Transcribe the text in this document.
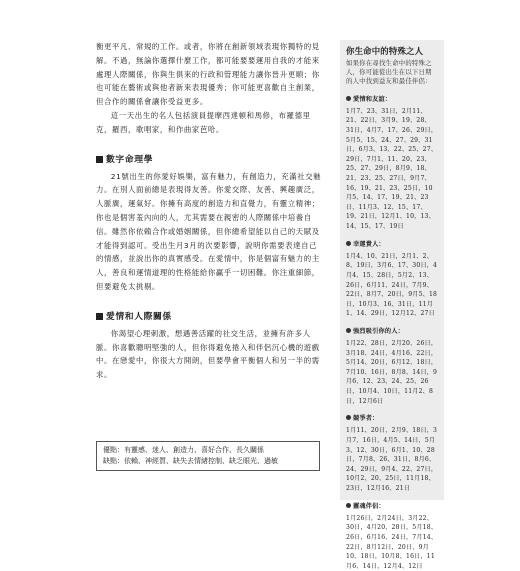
衡更平凡、常規的工作。或者，你將在創新領域表現你獨特的見解。不過，無論你選擇什麼工作，都可能要要運用自我的才能來處理人際關係，你與生俱來的行政和管理能力讓你晉升更順；你也可能在藝術或與他者新來表現優秀；你可能更喜歡自主創業，但合作的關係會讓你受益更多。

這一天出生的名人包括演員提摩西達頓和馬修，布羅德里克，羅西，歌唱家，和作曲家芭哈。

數字命理學

21號出生的你愛好娛樂，富有魅力，有創造力，充滿社交魅力。在別人面前總是表現得友善。你愛交際、友善、興趣廣泛，人脈廣，運氣好。你擁有高度的創造力和直覺力，有靈立精神；你也是個害羞內向的人，尤其需要在親密的人際關係中培養自信。雖然你依賴合作或婚姻關係，但你總希望能以自己的天賦及才能得到認可。受出生月3月的次要影響，說明你需要表達自己的情感，並說出你的真實感受。在愛情中，你是個富有魅力的主人，善良和運情道理的性格能給你贏乎一切困難。你注重細節，但要避免太挑剔。

愛情和人際關係

你渴望心理刺激，想遇善活躍的社交生活，並擁有許多人脈。你喜歡聰明堅強的人，但你得避免捲入和伴侶沉心機的遊戲中。在戀愛中，你很大方開朗，但要學會平衡個人和另一半的需求。

優點：有靈感、迷人、創造力、喜好合作、長久關係
缺點：依賴、神經質、缺失去情緒控制、缺乏眼光、過敏
你生命中的特殊之人
如果你在尋找生命中的特殊之人，你可能從出生在以下日期的人中找到益友和最佳伴侶：
愛情和友誼：
1月7、23、31日，2月11、21、22日，3月9、19、28、31日，4月7、17、26、29日，5月5、15、24、27、29、31日，6月3、13、22、25、27、29日，7月1、11、20、23、25、27、29日，8月9、18、21、23、25、27日，9月7、16、19、21、23、25日，10月5、14、17、19、21、23日，11月3、12、15、17、19、21日，12月1、10、13、14、15、17、19日
幸運貴人：
1月4、10、21日，2月1、2、8、19日，3月6、17、30日，4月4、15、28日，5月2、13、26日，6月11、24日，7月9、22日，8月7、20日，9月5、18日，10月3、16、31日，11月1、14、29日，12月12、27日
強烈吸引你的人：
1月22、28日，2月20、26日，3月18、24日，4月16、22日，5月14、20日，6月12、18日，7月10、16日，8月8、14日，9月6、12、23、24、25、26日，10月4、10日，11月2、8日，12月6日
競爭者：
1月11、20日，2月9、18日，3月7、16日，4月5、14日，5月3、12、30日，6月1、10、28日，7月8、26、31日，8月6、24、29日，9月4、22、27日，10月2、20、25日，11月18、23日，12月16、21日
靈魂伴侶：
1月26日，2月24日，3月22、30日，4月20、28日，5月18、26日，6月16、24日，7月14、22日，8月12日，20日，9月10、18日，10月8、16日，11月6、14日，12月4、12日
